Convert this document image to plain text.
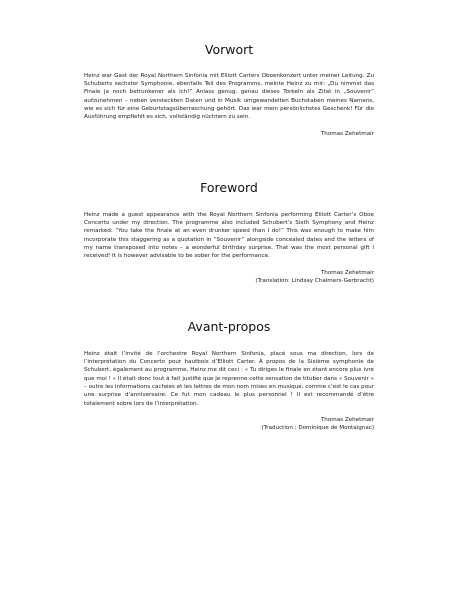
Vorwort

Heinz war Gast der Royal Northern Sinfonia mit Elliott Carters Oboenkonzert unter meiner Leitung. Zu Schuberts sechster Symphonie, ebenfalls Teil des Programms, meinte Heinz zu mir: „Du nimmst das Finale ja noch betrunkener als ich!“ Anlass genug, genau dieses Torkeln als Zitat in „Souvenir“ aufzunehmen – neben versteckten Daten und in Musik umgewandelten Buchstaben meines Namens, wie es sich für eine Geburtstagsüberraschung gehört. Das war mein persönlichstes Geschenk! Für die Ausführung empfiehlt es sich, vollständig nüchtern zu sein.

Thomas Zehetmair

Foreword

Heinz made a guest appearance with the Royal Northern Sinfonia performing Elliott Carter’s Oboe Concerto under my direction. The programme also included Schubert’s Sixth Symphony and Heinz remarked: “You take the finale at an even drunker speed than I do!” This was enough to make him incorporate this staggering as a quotation in “Souvenir” alongside concealed dates and the letters of my name transposed into notes – a wonderful birthday surprise. That was the most personal gift I received! It is however advisable to be sober for the performance.

Thomas Zehetmair

(Translation: Lindsay Chalmers-Gerbracht)

Avant-propos

Heinz était l’invité de l’orchestre Royal Northern Sinfonia, placé sous ma direction, lors de l’interprétation du Concerto pour hautbois d’Elliott Carter. À propos de la Sixième symphonie de Schubert, également au programme, Heinz me dit ceci : « Tu diriges le finale en étant encore plus ivre que moi ! » Il était donc tout à fait justifié que je reprenne cette sensation de tituber dans « Souvenir » – outre les informations cachées et les lettres de mon nom mises en musique, comme c’est le cas pour une surprise d’anniversaire. Ce fut mon cadeau le plus personnel ! Il est recommandé d’être totalement sobre lors de l’interprétation.

Thomas Zehetmair

(Traduction : Dominique de Montaignac)
